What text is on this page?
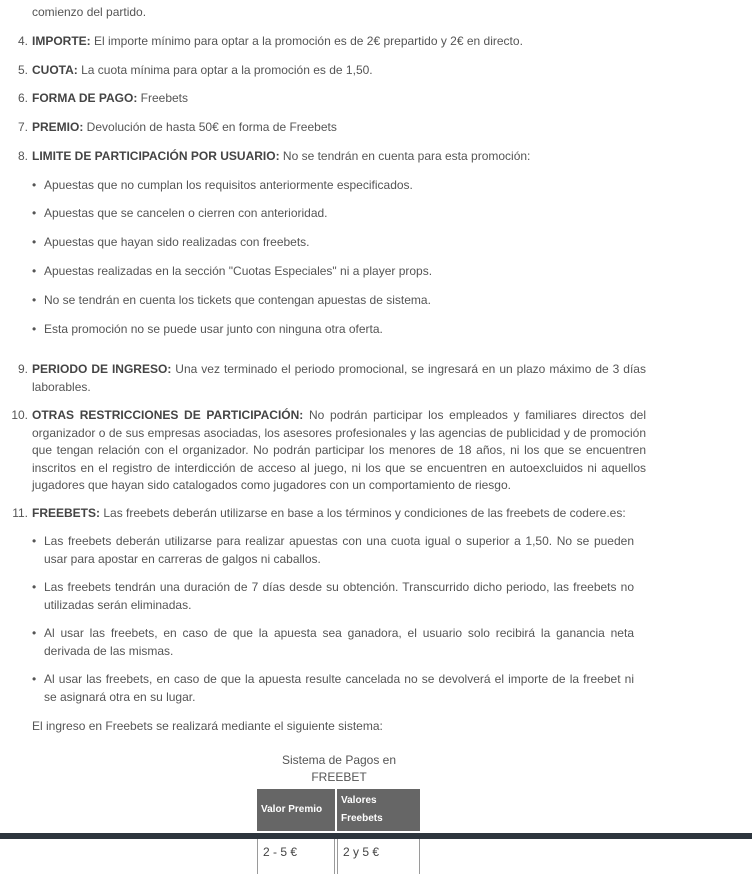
comienzo del partido.
4. IMPORTE: El importe mínimo para optar a la promoción es de 2€ prepartido y 2€ en directo.
5. CUOTA: La cuota mínima para optar a la promoción es de 1,50.
6. FORMA DE PAGO: Freebets
7. PREMIO: Devolución de hasta 50€ en forma de Freebets
8. LIMITE DE PARTICIPACIÓN POR USUARIO: No se tendrán en cuenta para esta promoción:
• Apuestas que no cumplan los requisitos anteriormente especificados.
• Apuestas que se cancelen o cierren con anterioridad.
• Apuestas que hayan sido realizadas con freebets.
• Apuestas realizadas en la sección "Cuotas Especiales" ni a player props.
• No se tendrán en cuenta los tickets que contengan apuestas de sistema.
• Esta promoción no se puede usar junto con ninguna otra oferta.
9. PERIODO DE INGRESO: Una vez terminado el periodo promocional, se ingresará en un plazo máximo de 3 días laborables.
10. OTRAS RESTRICCIONES DE PARTICIPACIÓN: No podrán participar los empleados y familiares directos del organizador o de sus empresas asociadas, los asesores profesionales y las agencias de publicidad y de promoción que tengan relación con el organizador. No podrán participar los menores de 18 años, ni los que se encuentren inscritos en el registro de interdicción de acceso al juego, ni los que se encuentren en autoexcluidos ni aquellos jugadores que hayan sido catalogados como jugadores con un comportamiento de riesgo.
11. FREEBETS: Las freebets deberán utilizarse en base a los términos y condiciones de las freebets de codere.es:
• Las freebets deberán utilizarse para realizar apuestas con una cuota igual o superior a 1,50. No se pueden usar para apostar en carreras de galgos ni caballos.
• Las freebets tendrán una duración de 7 días desde su obtención. Transcurrido dicho periodo, las freebets no utilizadas serán eliminadas.
• Al usar las freebets, en caso de que la apuesta sea ganadora, el usuario solo recibirá la ganancia neta derivada de las mismas.
• Al usar las freebets, en caso de que la apuesta resulte cancelada no se devolverá el importe de la freebet ni se asignará otra en su lugar.
El ingreso en Freebets se realizará mediante el siguiente sistema:
Sistema de Pagos en
FREEBET
Valor Premio	Valores Freebets
2 - 5 €	2 y 5 €
